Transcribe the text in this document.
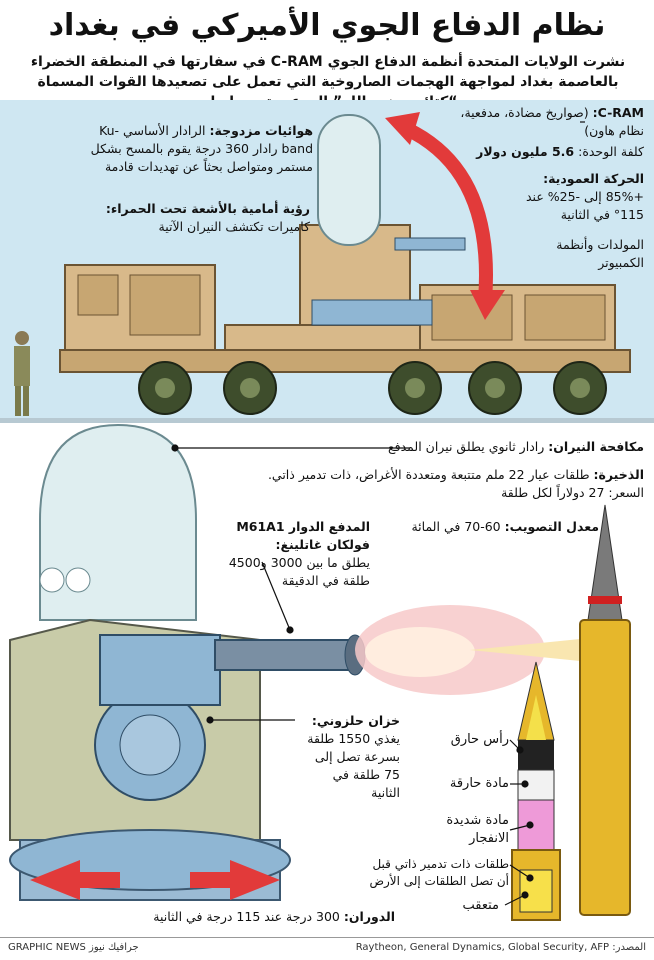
نظام الدفاع الجوي الأميركي في بغداد
نشرت الولايات المتحدة أنظمة الدفاع الجوي C-RAM في سفارتها في المنطقة الخضراء بالعاصمة بغداد لمواجهة الهجمات الصاروخية التي تعمل على تصعيدها القوات المسماة
C-RAM: (صواريخ مضادة، مدفعية، نظام هاون)
كلفة الوحدة: 5.6 مليون دولار
الحركة العمودية:
+85% إلى -25% عند 115° في الثانية
المولدات وأنظمة الكمبيوتر
هوائيات مزدوجة: الرادار الأساسي Ku-band رادار 360 درجة يقوم بالمسح بشكل مستمر ومتواصل بحثاً عن تهديدات قادمة
رؤية أمامية بالأشعة تحت الحمراء:
كاميرات تكتشف النيران الآتية
مكافحة النيران: رادار ثانوي يطلق نيران المدفع
الذخيرة: طلقات عيار 22 ملم متتبعة ومتعددة الأغراض، ذات تدمير ذاتي.
السعر: 27 دولاراً لكل طلقة
معدل التصويب: 60-70 في المائة
المدفع الدوار M61A1
فولكان غاتلينغ:
يطلق ما بين 3000 و4500 طلقة في الدقيقة
خزان حلزوني:
يغذي 1550 طلقة بسرعة تصل إلى 75 طلقة في الثانية
الدوران: 300 درجة عند 115 درجة في الثانية
رأس حارق
مادة حارقة
مادة شديدة الانفجار
طلقات ذات تدمير ذاتي قبل أن تصل الطلقات إلى الأرض
متعقب
المصدر: Raytheon, General Dynamics, Global Security, AFP
GRAPHIC NEWS جرافيك نيوز
